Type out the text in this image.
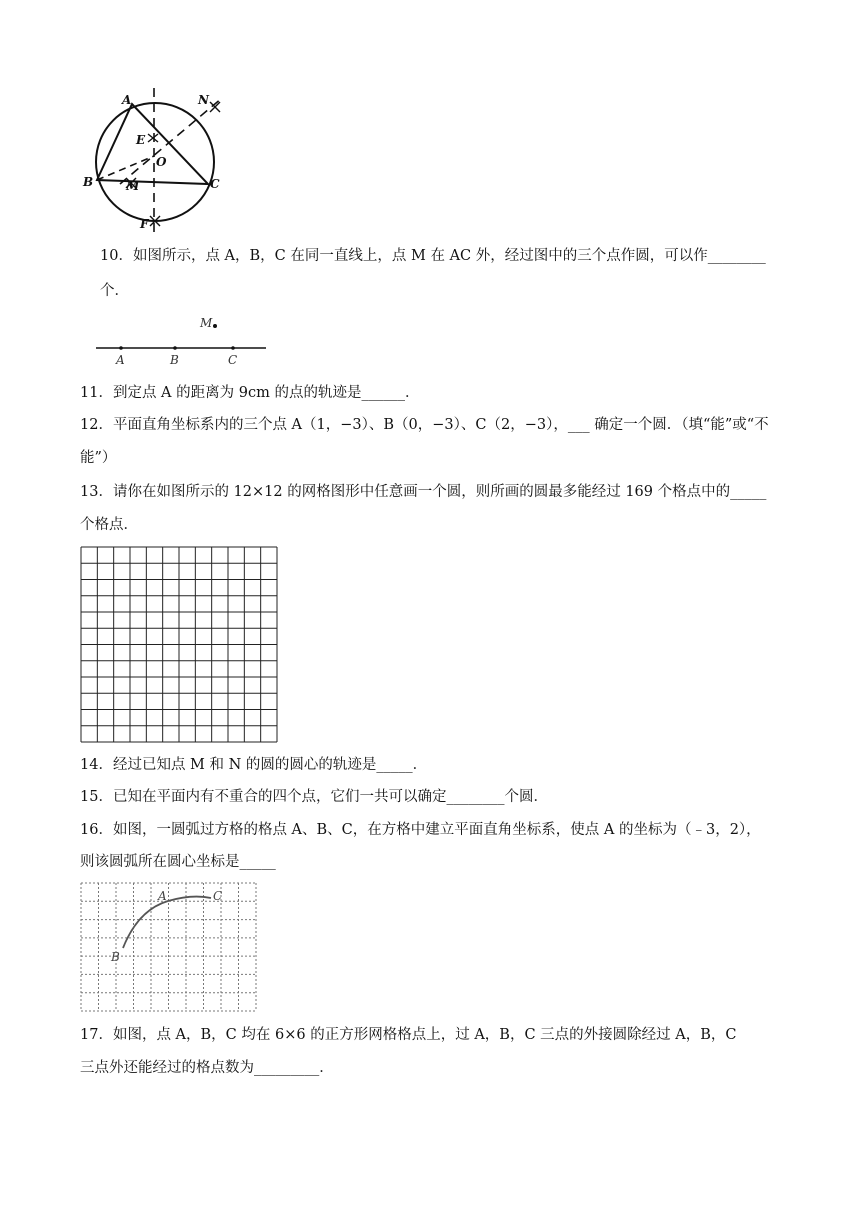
A
B	C
E
F
N
O
M
10．如图所示，点 A，B，C 在同一直线上，点 M 在 AC 外，经过图中的三个点作圆，可以作________
个．
M
A	B	C
11．到定点 A 的距离为 9cm 的点的轨迹是______．
12．平面直角坐标系内的三个点 A（1，−3）、B（0，−3）、C（2，−3），___ 确定一个圆．（填“能”或“不
能”）
13．请你在如图所示的 12×12 的网格图形中任意画一个圆，则所画的圆最多能经过 169 个格点中的_____
个格点．
14．经过已知点 M 和 N 的圆的圆心的轨迹是_____．
15．已知在平面内有不重合的四个点，它们一共可以确定________个圆．
16．如图，一圆弧过方格的格点 A、B、C，在方格中建立平面直角坐标系，使点 A 的坐标为（﹣3，2），
则该圆弧所在圆心坐标是_____
A
B
C
17．如图，点 A，B，C 均在 6×6 的正方形网格格点上，过 A，B，C 三点的外接圆除经过 A，B，C
三点外还能经过的格点数为_________．
